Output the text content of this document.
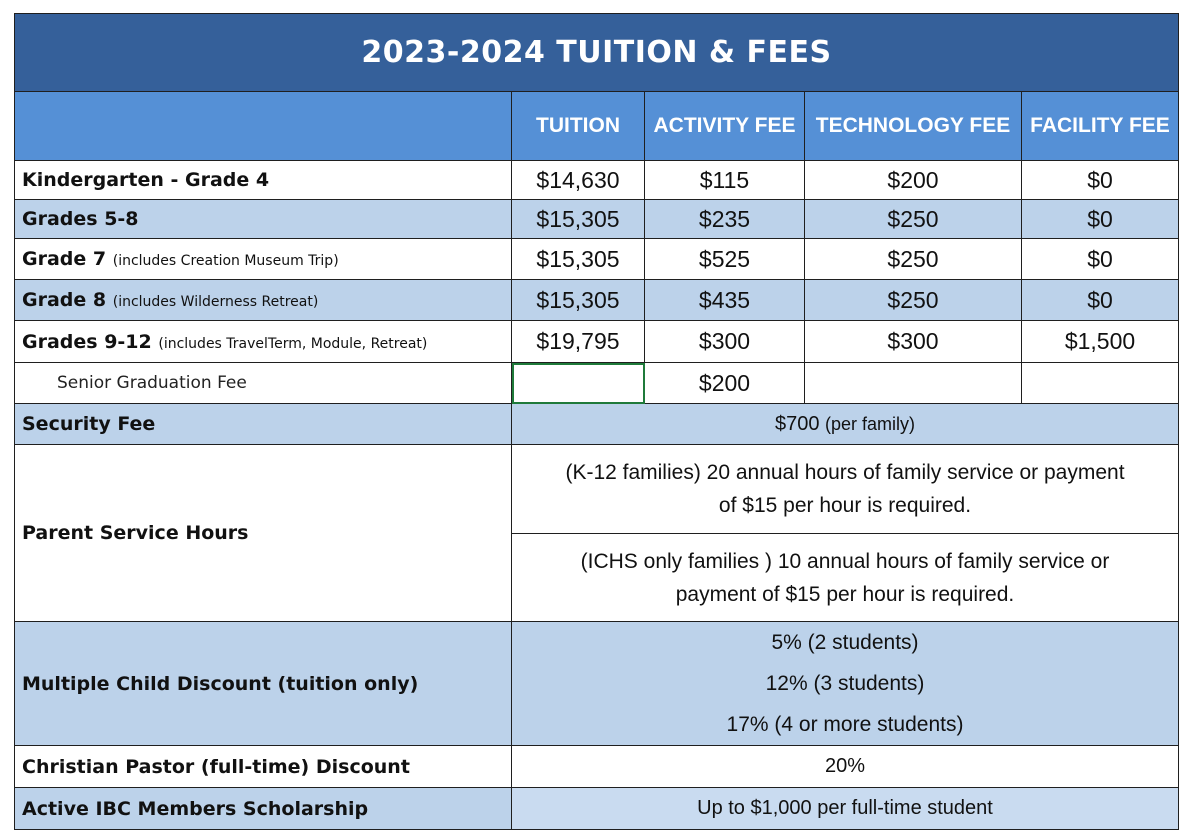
2023-2024 TUITION & FEES				
	TUITION	ACTIVITY FEE	TECHNOLOGY FEE	FACILITY FEE
Kindergarten - Grade 4	$14,630	$115	$200	$0
Grades 5-8	$15,305	$235	$250	$0
Grade 7 (includes Creation Museum Trip)	$15,305	$525	$250	$0
Grade 8 (includes Wilderness Retreat)	$15,305	$435	$250	$0
Grades 9-12 (includes TravelTerm, Module, Retreat)	$19,795	$300	$300	$1,500
Senior Graduation Fee		$200		
Security Fee	$700 (per family)			
Parent Service Hours	(K-12 families) 20 annual hours of family service or payment
of $15 per hour is required.			
	(ICHS only families ) 10 annual hours of family service or
payment of $15 per hour is required.			
Multiple Child Discount (tuition only)	5% (2 students)
12% (3 students)
17% (4 or more students)			

Christian Pastor (full-time) Discount	20%			
Active IBC Members Scholarship	Up to $1,000 per full-time student			
